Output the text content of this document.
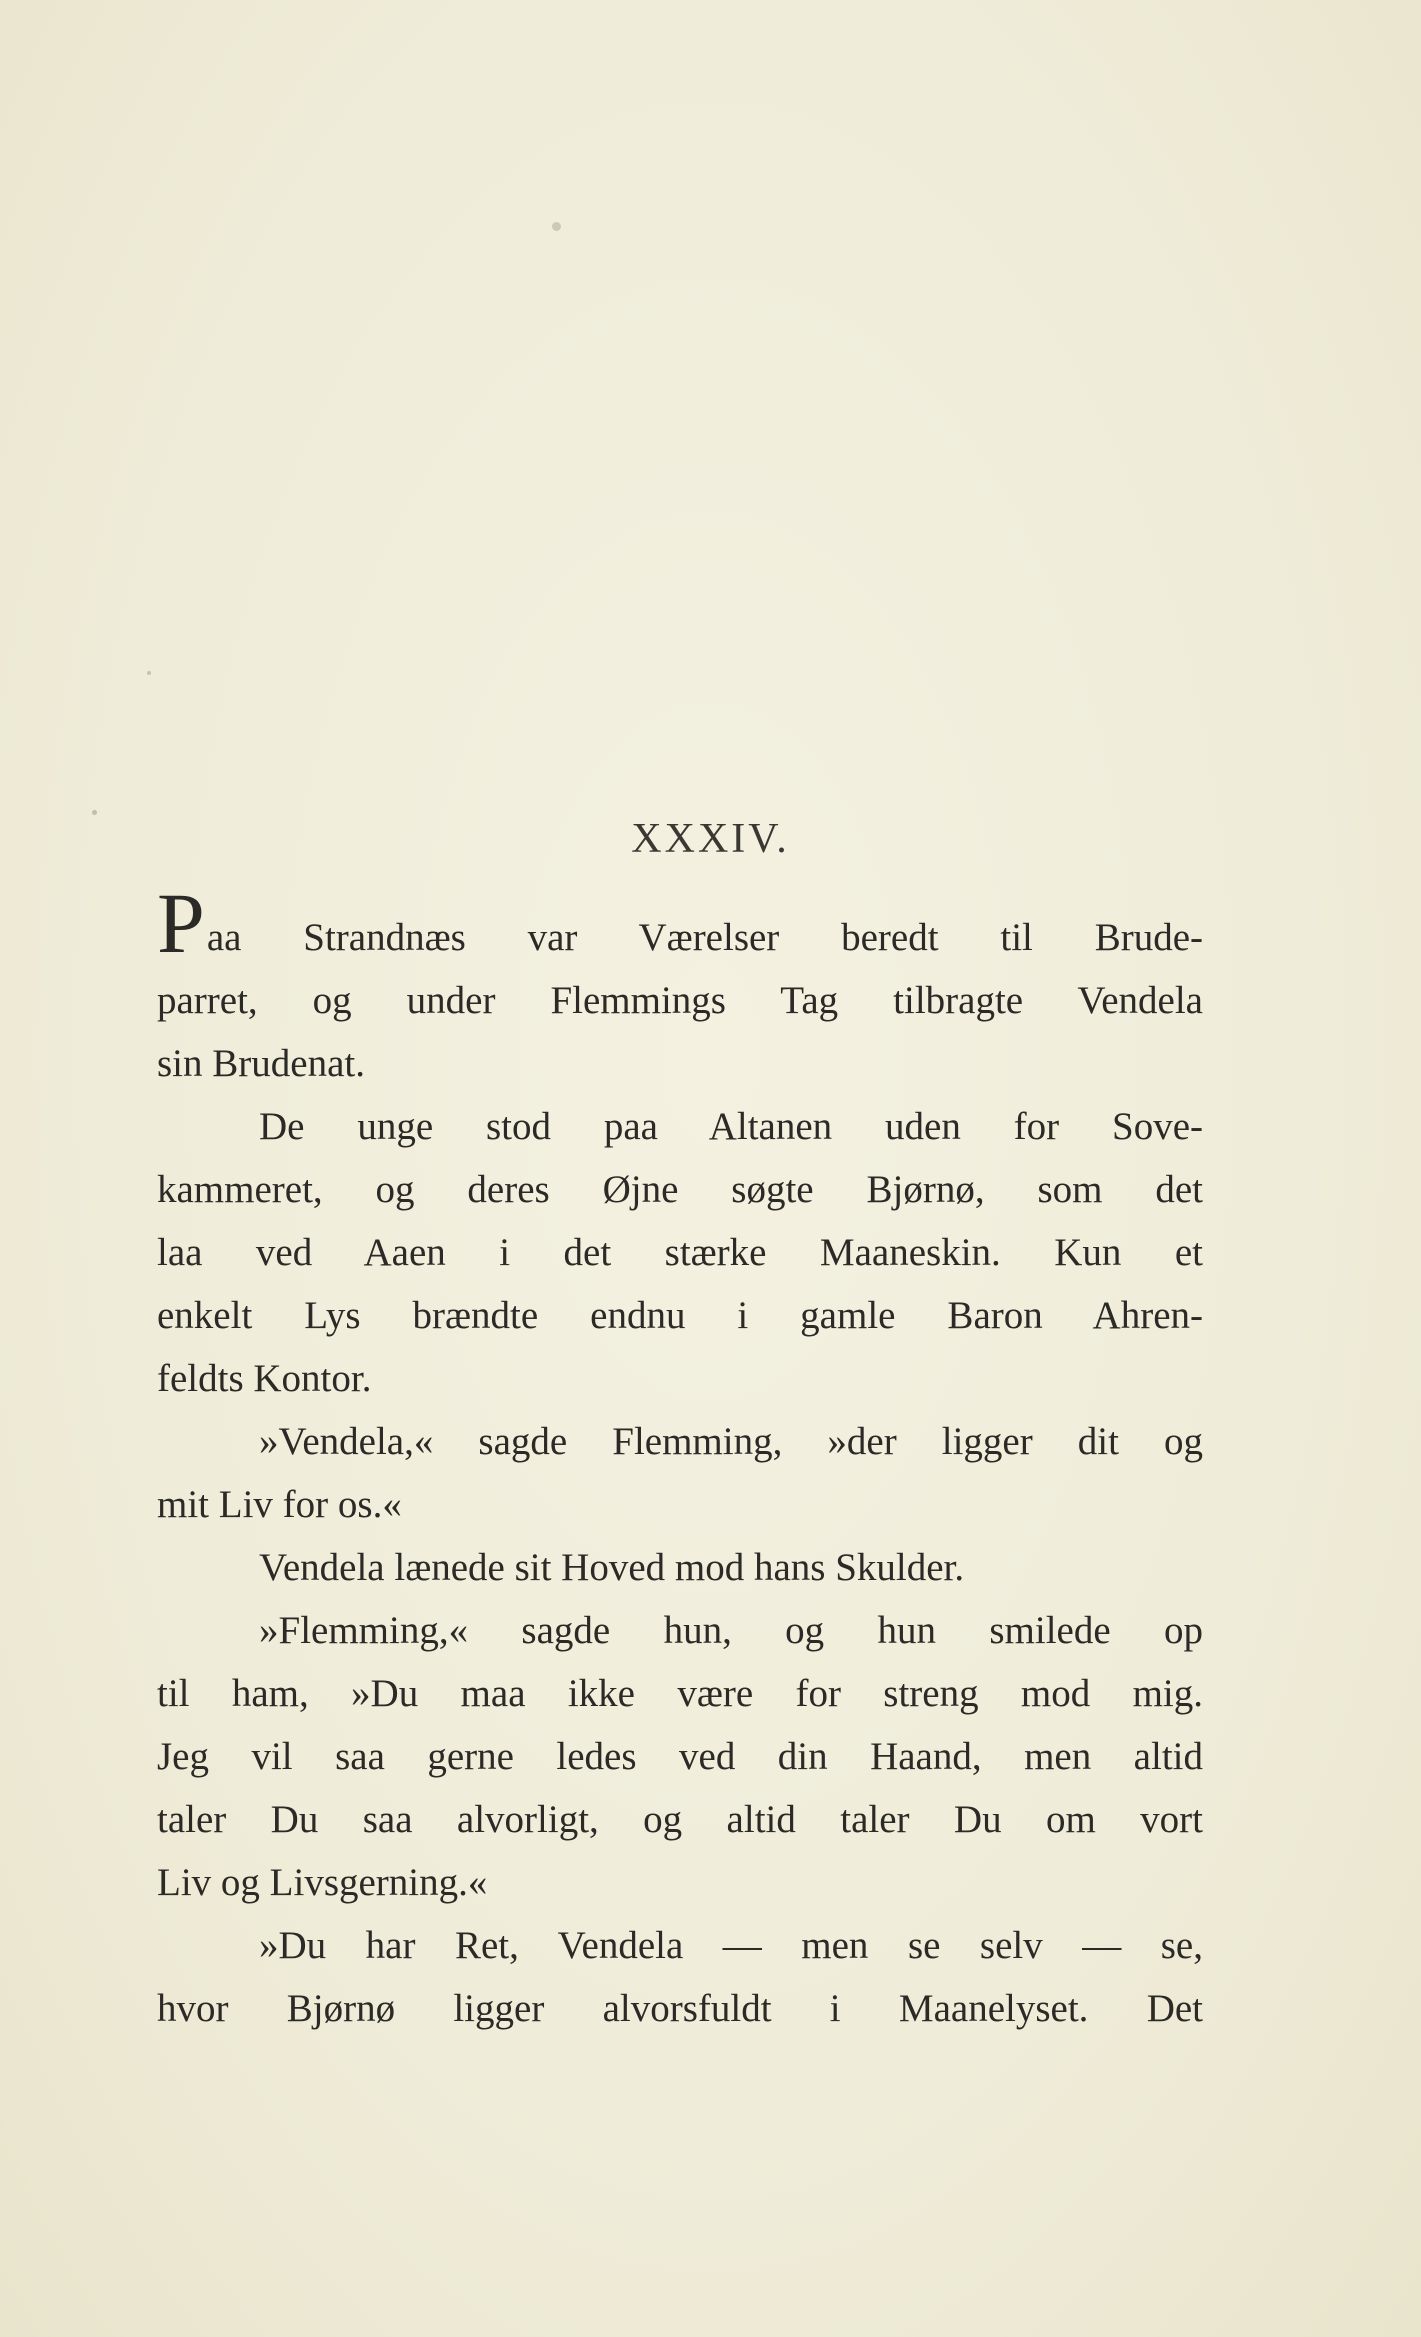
XXXIV.
Paa Strandnæs var Værelser beredt til Brude-
parret, og under Flemmings Tag tilbragte Vendela
sin Brudenat.
De unge stod paa Altanen uden for Sove-
kammeret, og deres Øjne søgte Bjørnø, som det
laa ved Aaen i det stærke Maaneskin. Kun et
enkelt Lys brændte endnu i gamle Baron Ahren-
feldts Kontor.
»Vendela,« sagde Flemming, »der ligger dit og
mit Liv for os.«
Vendela lænede sit Hoved mod hans Skulder.
»Flemming,« sagde hun, og hun smilede op
til ham, »Du maa ikke være for streng mod mig.
Jeg vil saa gerne ledes ved din Haand, men altid
taler Du saa alvorligt, og altid taler Du om vort
Liv og Livsgerning.«
»Du har Ret, Vendela — men se selv — se,
hvor Bjørnø ligger alvorsfuldt i Maanelyset. Det
